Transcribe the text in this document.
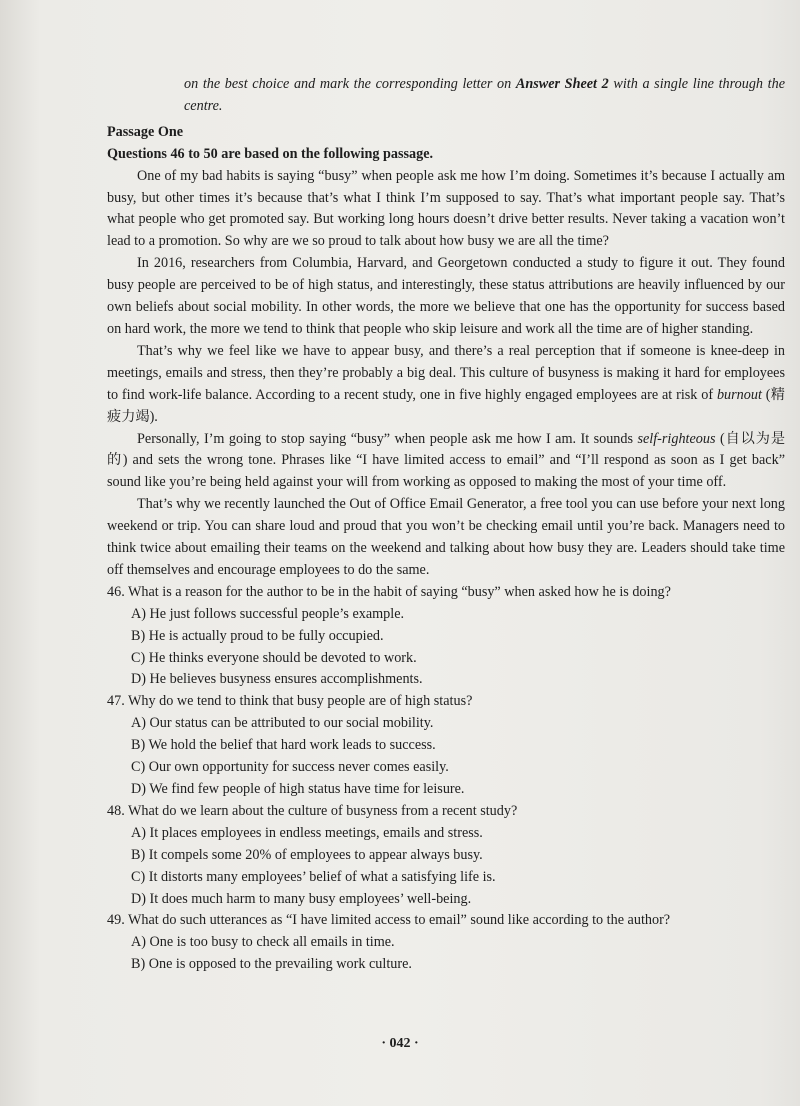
on the best choice and mark the corresponding letter on Answer Sheet 2 with a single line through the centre.
Passage One
Questions 46 to 50 are based on the following passage.

One of my bad habits is saying “busy” when people ask me how I’m doing. Sometimes it’s because I actually am busy, but other times it’s because that’s what I think I’m supposed to say. That’s what important people say. That’s what people who get promoted say. But working long hours doesn’t drive better results. Never taking a vacation won’t lead to a promotion. So why are we so proud to talk about how busy we are all the time?

In 2016, researchers from Columbia, Harvard, and Georgetown conducted a study to figure it out. They found busy people are perceived to be of high status, and interestingly, these status attributions are heavily influenced by our own beliefs about social mobility. In other words, the more we believe that one has the opportunity for success based on hard work, the more we tend to think that people who skip leisure and work all the time are of higher standing.

That’s why we feel like we have to appear busy, and there’s a real perception that if someone is knee-deep in meetings, emails and stress, then they’re probably a big deal. This culture of busyness is making it hard for employees to find work-life balance. According to a recent study, one in five highly engaged employees are at risk of burnout (精疲力竭).

Personally, I’m going to stop saying “busy” when people ask me how I am. It sounds self-righteous (自以为是的) and sets the wrong tone. Phrases like “I have limited access to email” and “I’ll respond as soon as I get back” sound like you’re being held against your will from working as opposed to making the most of your time off.

That’s why we recently launched the Out of Office Email Generator, a free tool you can use before your next long weekend or trip. You can share loud and proud that you won’t be checking email until you’re back. Managers need to think twice about emailing their teams on the weekend and talking about how busy they are. Leaders should take time off themselves and encourage employees to do the same.

46. What is a reason for the author to be in the habit of saying “busy” when asked how he is doing?
A) He just follows successful people’s example.
B) He is actually proud to be fully occupied.
C) He thinks everyone should be devoted to work.
D) He believes busyness ensures accomplishments.
47. Why do we tend to think that busy people are of high status?
A) Our status can be attributed to our social mobility.
B) We hold the belief that hard work leads to success.
C) Our own opportunity for success never comes easily.
D) We find few people of high status have time for leisure.
48. What do we learn about the culture of busyness from a recent study?
A) It places employees in endless meetings, emails and stress.
B) It compels some 20% of employees to appear always busy.
C) It distorts many employees’ belief of what a satisfying life is.
D) It does much harm to many busy employees’ well-being.
49. What do such utterances as “I have limited access to email” sound like according to the author?
A) One is too busy to check all emails in time.
B) One is opposed to the prevailing work culture.
· 042 ·
